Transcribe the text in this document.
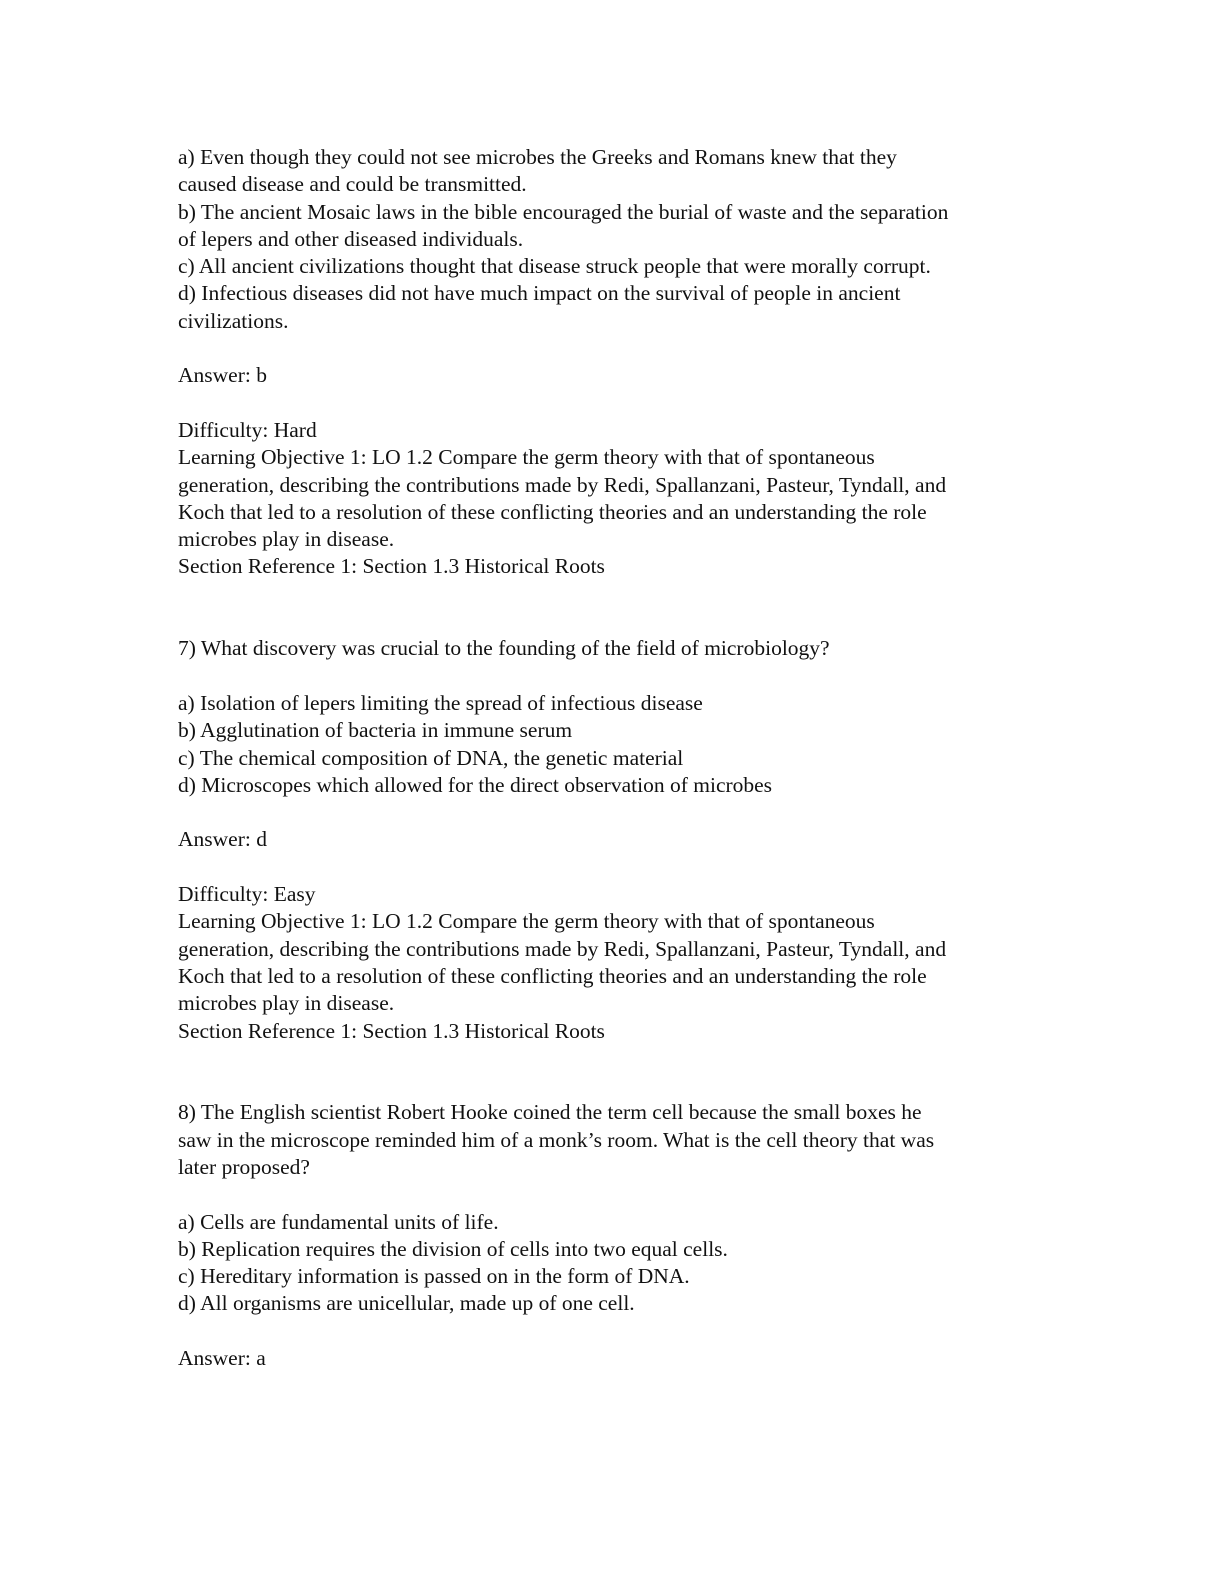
a) Even though they could not see microbes the Greeks and Romans knew that they
caused disease and could be transmitted.
b) The ancient Mosaic laws in the bible encouraged the burial of waste and the separation
of lepers and other diseased individuals.
c) All ancient civilizations thought that disease struck people that were morally corrupt.
d) Infectious diseases did not have much impact on the survival of people in ancient
civilizations.
Answer: b
Difficulty: Hard
Learning Objective 1: LO 1.2 Compare the germ theory with that of spontaneous
generation, describing the contributions made by Redi, Spallanzani, Pasteur, Tyndall, and
Koch that led to a resolution of these conflicting theories and an understanding the role
microbes play in disease.
Section Reference 1: Section 1.3 Historical Roots
7) What discovery was crucial to the founding of the field of microbiology?
a) Isolation of lepers limiting the spread of infectious disease
b) Agglutination of bacteria in immune serum
c) The chemical composition of DNA, the genetic material
d) Microscopes which allowed for the direct observation of microbes
Answer: d
Difficulty: Easy
Learning Objective 1: LO 1.2 Compare the germ theory with that of spontaneous
generation, describing the contributions made by Redi, Spallanzani, Pasteur, Tyndall, and
Koch that led to a resolution of these conflicting theories and an understanding the role
microbes play in disease.
Section Reference 1: Section 1.3 Historical Roots
8) The English scientist Robert Hooke coined the term cell because the small boxes he
saw in the microscope reminded him of a monk’s room. What is the cell theory that was
later proposed?
a) Cells are fundamental units of life.
b) Replication requires the division of cells into two equal cells.
c) Hereditary information is passed on in the form of DNA.
d) All organisms are unicellular, made up of one cell.
Answer: a
